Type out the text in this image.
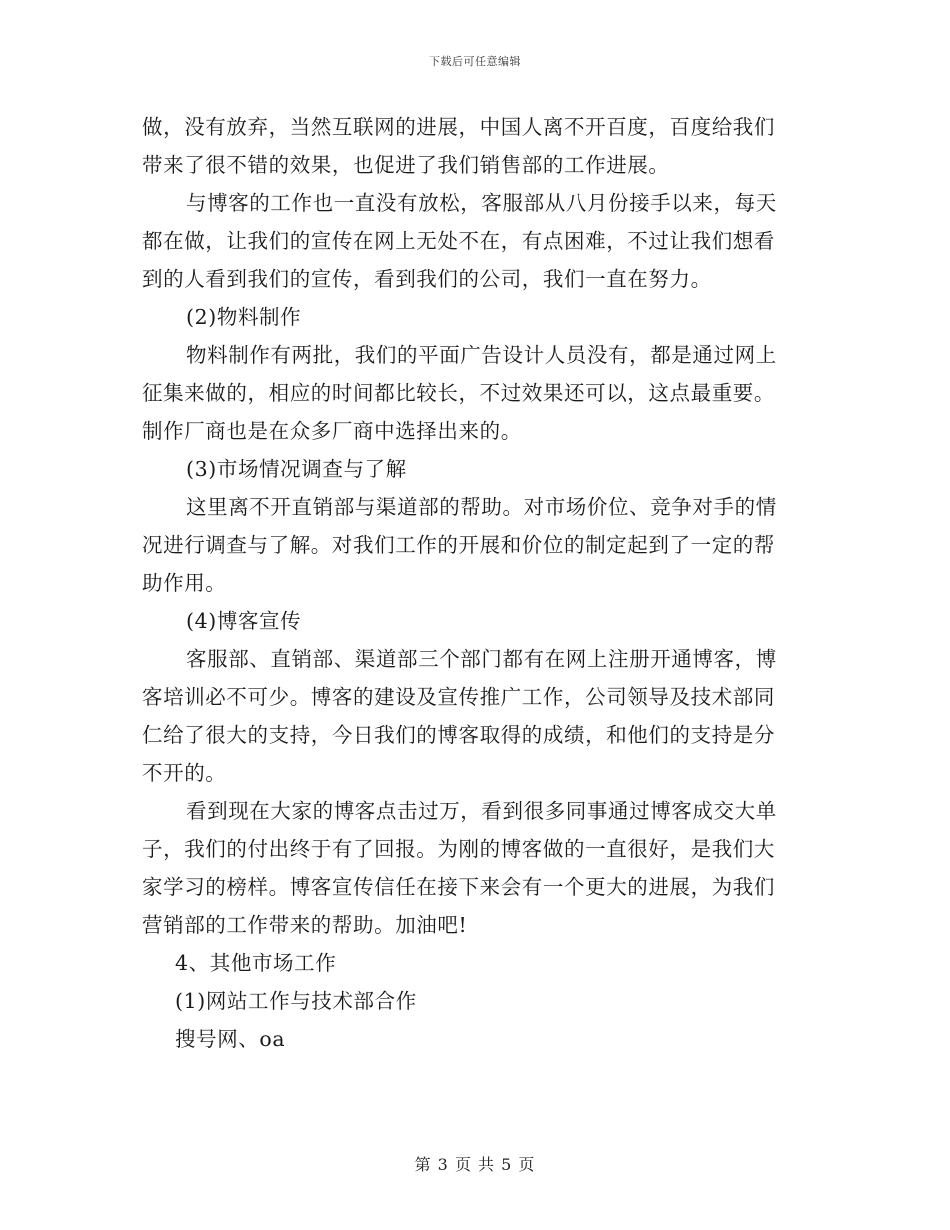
下载后可任意编辑
做，没有放弃，当然互联网的进展，中国人离不开百度，百度给我们
带来了很不错的效果，也促进了我们销售部的工作进展。
与博客的工作也一直没有放松，客服部从八月份接手以来，每天
都在做，让我们的宣传在网上无处不在，有点困难，不过让我们想看
到的人看到我们的宣传，看到我们的公司，我们一直在努力。
(2)物料制作
物料制作有两批，我们的平面广告设计人员没有，都是通过网上
征集来做的，相应的时间都比较长，不过效果还可以，这点最重要。
制作厂商也是在众多厂商中选择出来的。
(3)市场情况调查与了解
这里离不开直销部与渠道部的帮助。对市场价位、竞争对手的情
况进行调查与了解。对我们工作的开展和价位的制定起到了一定的帮
助作用。
(4)博客宣传
客服部、直销部、渠道部三个部门都有在网上注册开通博客，博
客培训必不可少。博客的建设及宣传推广工作，公司领导及技术部同
仁给了很大的支持，今日我们的博客取得的成绩，和他们的支持是分
不开的。
看到现在大家的博客点击过万，看到很多同事通过博客成交大单
子，我们的付出终于有了回报。为刚的博客做的一直很好，是我们大
家学习的榜样。博客宣传信任在接下来会有一个更大的进展，为我们
营销部的工作带来的帮助。加油吧!
4、其他市场工作
(1)网站工作与技术部合作
搜号网、oa
第 3 页 共 5 页
